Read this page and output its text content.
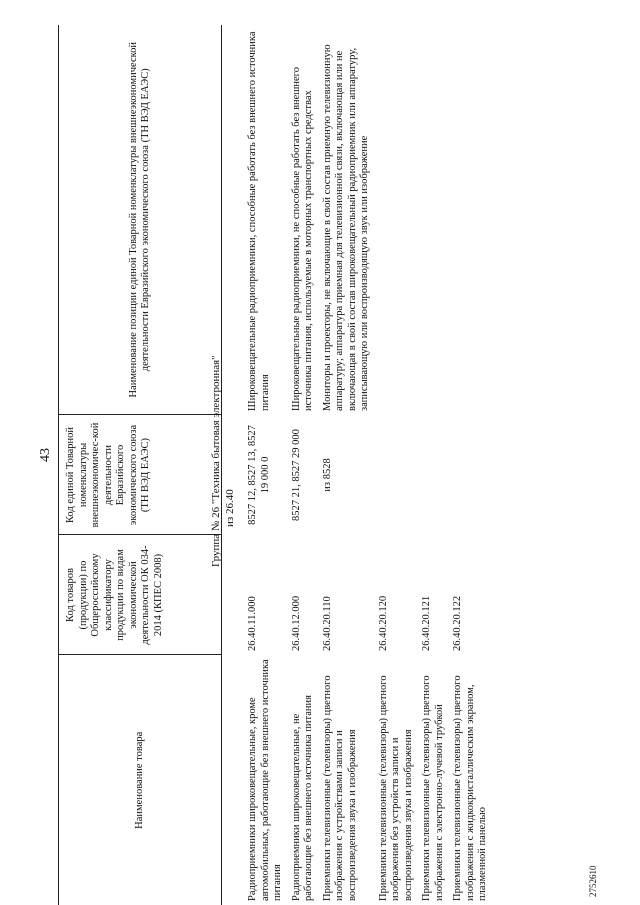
43
Наименование товара	Код товаров (продукции) по Общероссийскому классификатору продукции по видам экономической деятельности ОК 034-2014 (КПЕС 2008)	Код единой Товарной номенклатуры внешнеэкономичес-кой деятельности Евразийского экономического союза (ТН ВЭД ЕАЭС)	Наименование позиции единой Товарной номенклатуры внешнеэкономической деятельности Евразийского экономического союза (ТН ВЭД ЕАЭС)
Группа № 26 "Техника бытовая электронная" из 26.40
Радиоприемники широковещательные, кроме автомобильных, работающие без внешнего источника питания	26.40.11.000	8527 12, 8527 13, 8527 19 000 0	Широковещательные радиоприемники, способные работать без внешнего источника питания
Радиоприемники широковещательные, не работающие без внешнего источника питания	26.40.12.000	8527 21, 8527 29 000	Широковещательные радиоприемники, не способные работать без внешнего источника питания, используемые в моторных транспортных средствах
Приемники телевизионные (телевизоры) цветного изображения с устройствами записи и воспроизведения звука и изображения	26.40.20.110	из 8528	Мониторы и проекторы, не включающие в свой состав приемную телевизионную аппаратуру; аппаратура приемная для телевизионной связи, включающая или не включающая в свой состав широковещательный радиоприемник или аппаратуру, записывающую или воспроизводящую звук или изображение
Приемники телевизионные (телевизоры) цветного изображения без устройств записи и воспроизведения звука и изображения	26.40.20.120		
Приемники телевизионные (телевизоры) цветного изображения с электронно-лучевой трубкой	26.40.20.121		
Приемники телевизионные (телевизоры) цветного изображения с жидкокристаллическим экраном, плазменной панелью	26.40.20.122		
2752610
